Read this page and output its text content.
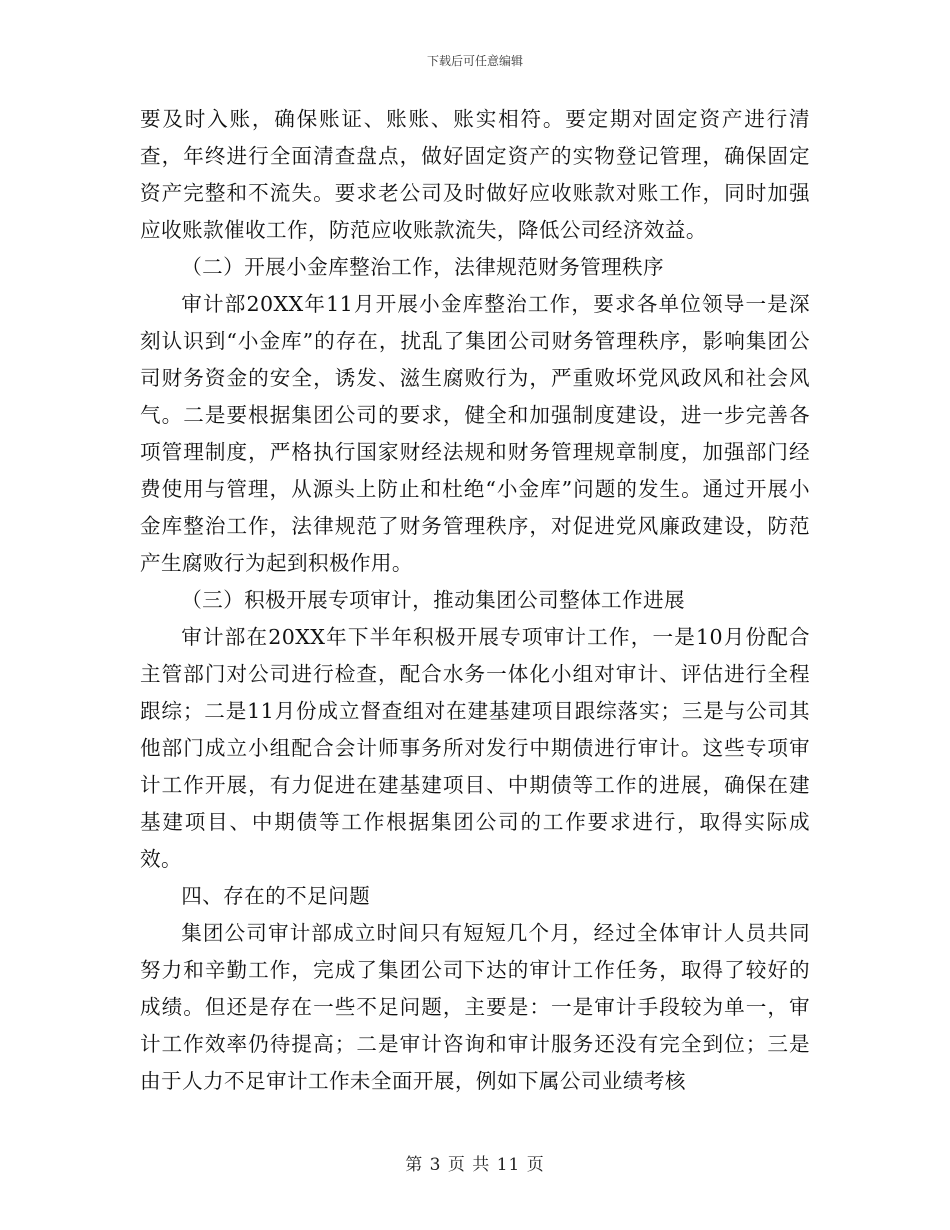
下载后可任意编辑

要及时入账，确保账证、账账、账实相符。要定期对固定资产进行清查，年终进行全面清查盘点，做好固定资产的实物登记管理，确保固定资产完整和不流失。要求老公司及时做好应收账款对账工作，同时加强应收账款催收工作，防范应收账款流失，降低公司经济效益。

（二）开展小金库整治工作，法律规范财务管理秩序

审计部20XX年11月开展小金库整治工作，要求各单位领导一是深刻认识到“小金库”的存在，扰乱了集团公司财务管理秩序，影响集团公司财务资金的安全，诱发、滋生腐败行为，严重败坏党风政风和社会风气。二是要根据集团公司的要求，健全和加强制度建设，进一步完善各项管理制度，严格执行国家财经法规和财务管理规章制度，加强部门经费使用与管理，从源头上防止和杜绝“小金库”问题的发生。通过开展小金库整治工作，法律规范了财务管理秩序，对促进党风廉政建设，防范产生腐败行为起到积极作用。

（三）积极开展专项审计，推动集团公司整体工作进展

审计部在20XX年下半年积极开展专项审计工作，一是10月份配合主管部门对公司进行检查，配合水务一体化小组对审计、评估进行全程跟综；二是11月份成立督查组对在建基建项目跟综落实；三是与公司其他部门成立小组配合会计师事务所对发行中期债进行审计。这些专项审计工作开展，有力促进在建基建项目、中期债等工作的进展，确保在建基建项目、中期债等工作根据集团公司的工作要求进行，取得实际成效。

四、存在的不足问题

集团公司审计部成立时间只有短短几个月，经过全体审计人员共同努力和辛勤工作，完成了集团公司下达的审计工作任务，取得了较好的成绩。但还是存在一些不足问题，主要是：一是审计手段较为单一，审计工作效率仍待提高；二是审计咨询和审计服务还没有完全到位；三是由于人力不足审计工作未全面开展，例如下属公司业绩考核

第 3 页 共 11 页
